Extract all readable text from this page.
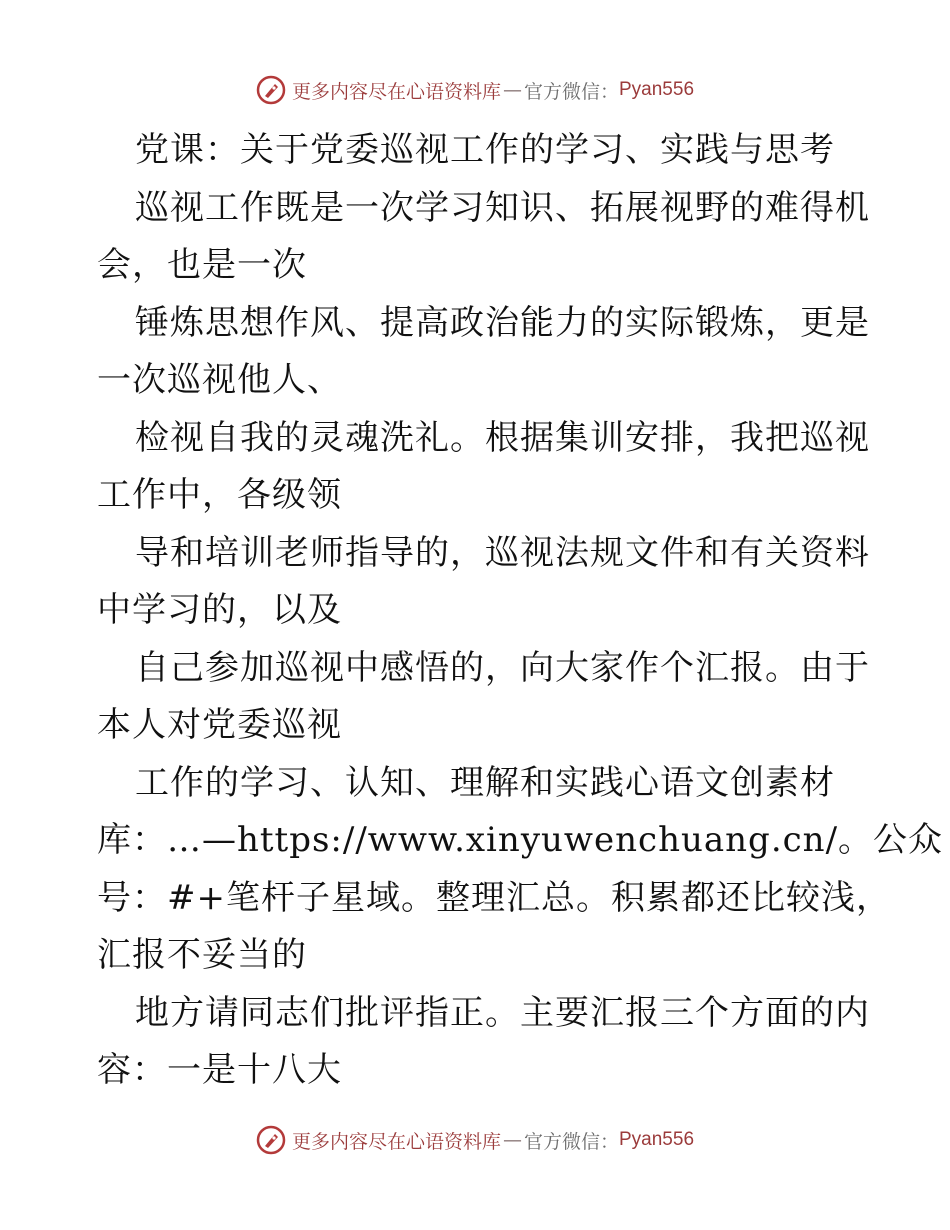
更多内容尽在心语资料库 — 官方微信： Pyan556
党课：关于党委巡视工作的学习、实践与思考
巡视工作既是一次学习知识、拓展视野的难得机
会，也是一次
锤炼思想作风、提高政治能力的实际锻炼，更是
一次巡视他人、
检视自我的灵魂洗礼。根据集训安排，我把巡视
工作中，各级领
导和培训老师指导的，巡视法规文件和有关资料
中学习的，以及
自己参加巡视中感悟的，向大家作个汇报。由于
本人对党委巡视
工作的学习、认知、理解和实践心语文创素材
库：…—https://www.xinyuwenchuang.cn/。公众
号：#+笔杆子星域。整理汇总。积累都还比较浅，
汇报不妥当的
地方请同志们批评指正。主要汇报三个方面的内
容：一是十八大
更多内容尽在心语资料库 — 官方微信： Pyan556
